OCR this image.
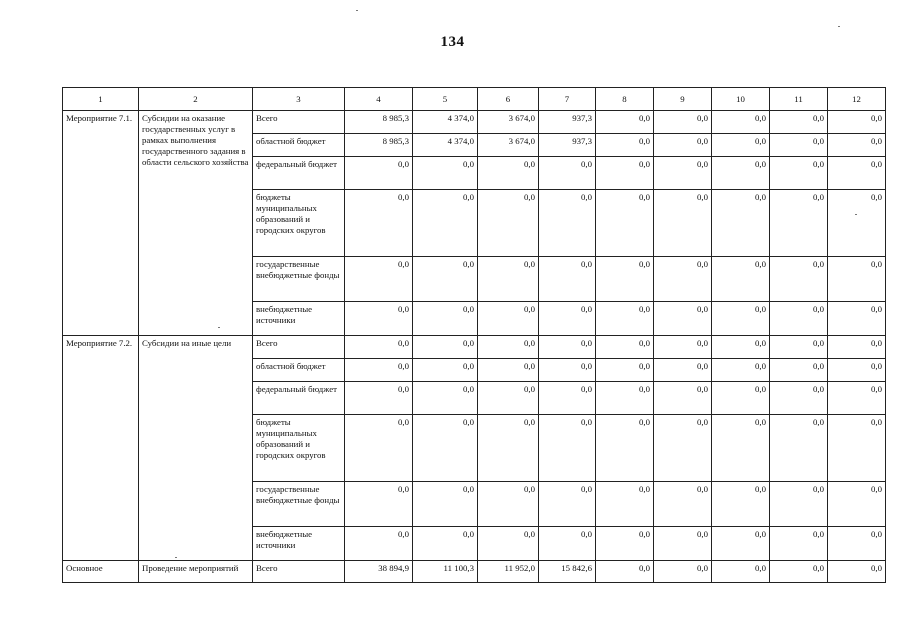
134
1	2	3	4	5	6	7	8	9	10	11	12
Мероприятие 7.1.	Субсидии на оказание государственных услуг в рамках выполнения государственного задания в области сельского хозяйства	Всего	8 985,3	4 374,0	3 674,0	937,3	0,0	0,0	0,0	0,0	0,0
		областной бюджет	8 985,3	4 374,0	3 674,0	937,3	0,0	0,0	0,0	0,0	0,0
		федеральный бюджет	0,0	0,0	0,0	0,0	0,0	0,0	0,0	0,0	0,0
		бюджеты муниципальных образований и городских округов	0,0	0,0	0,0	0,0	0,0	0,0	0,0	0,0	0,0
		государственные внебюджетные фонды	0,0	0,0	0,0	0,0	0,0	0,0	0,0	0,0	0,0
		внебюджетные источники	0,0	0,0	0,0	0,0	0,0	0,0	0,0	0,0	0,0
Мероприятие 7.2.	Субсидии на иные цели	Всего	0,0	0,0	0,0	0,0	0,0	0,0	0,0	0,0	0,0
		областной бюджет	0,0	0,0	0,0	0,0	0,0	0,0	0,0	0,0	0,0
		федеральный бюджет	0,0	0,0	0,0	0,0	0,0	0,0	0,0	0,0	0,0
		бюджеты муниципальных образований и городских округов	0,0	0,0	0,0	0,0	0,0	0,0	0,0	0,0	0,0
		государственные внебюджетные фонды	0,0	0,0	0,0	0,0	0,0	0,0	0,0	0,0	0,0
		внебюджетные источники	0,0	0,0	0,0	0,0	0,0	0,0	0,0	0,0	0,0
Основное	Проведение мероприятий	Всего	38 894,9	11 100,3	11 952,0	15 842,6	0,0	0,0	0,0	0,0	0,0
